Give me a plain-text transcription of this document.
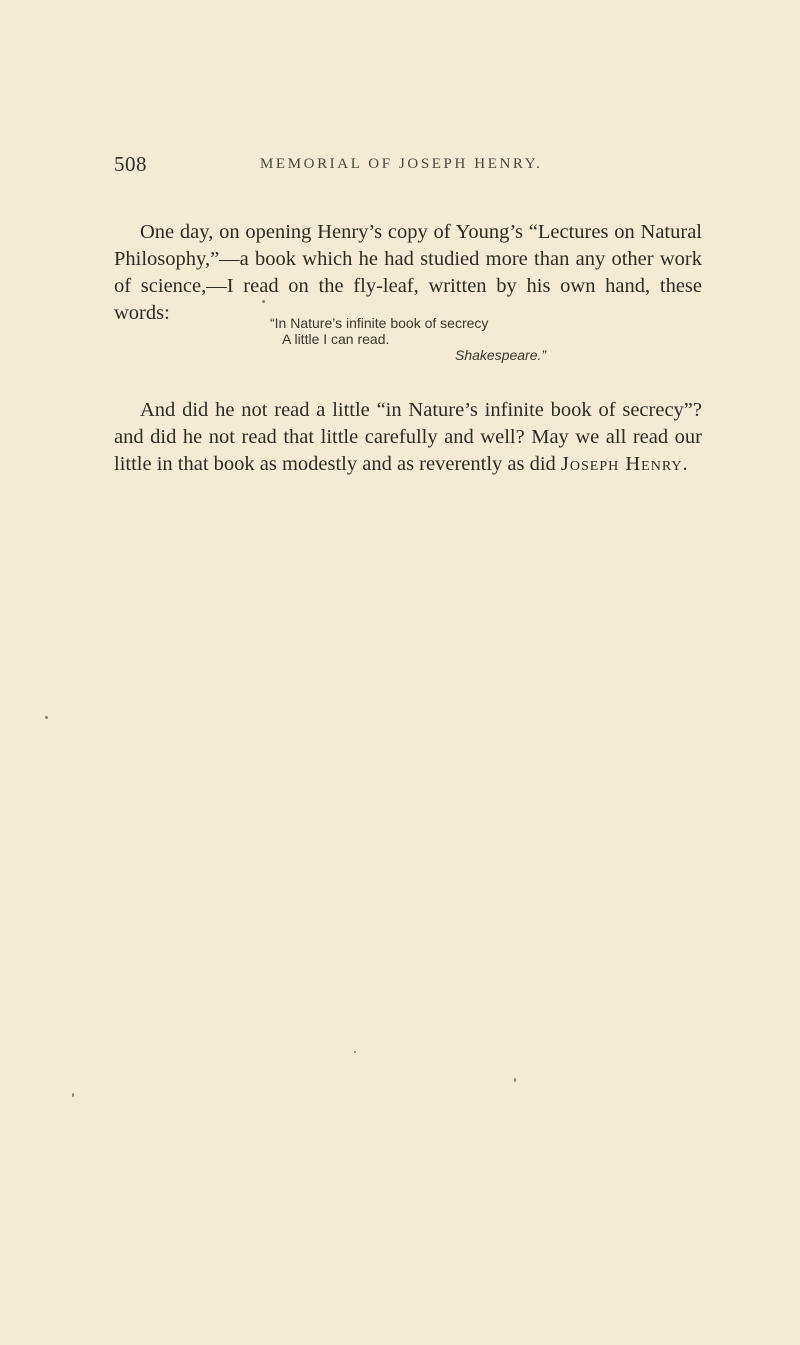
508	MEMORIAL OF JOSEPH HENRY.

One day, on opening Henry’s copy of Young’s “Lectures on Natural Philosophy,”—a book which he had studied more than any other work of science,—I read on the fly-leaf, written by his own hand, these words:	“In Nature’s infinite book of secrecy
A little I can read.
Shakespeare.”

And did he not read a little “in Nature’s infinite book of secrecy”? and did he not read that little carefully and well? May we all read our little in that book as modestly and as reverently as did Joseph Henry.
